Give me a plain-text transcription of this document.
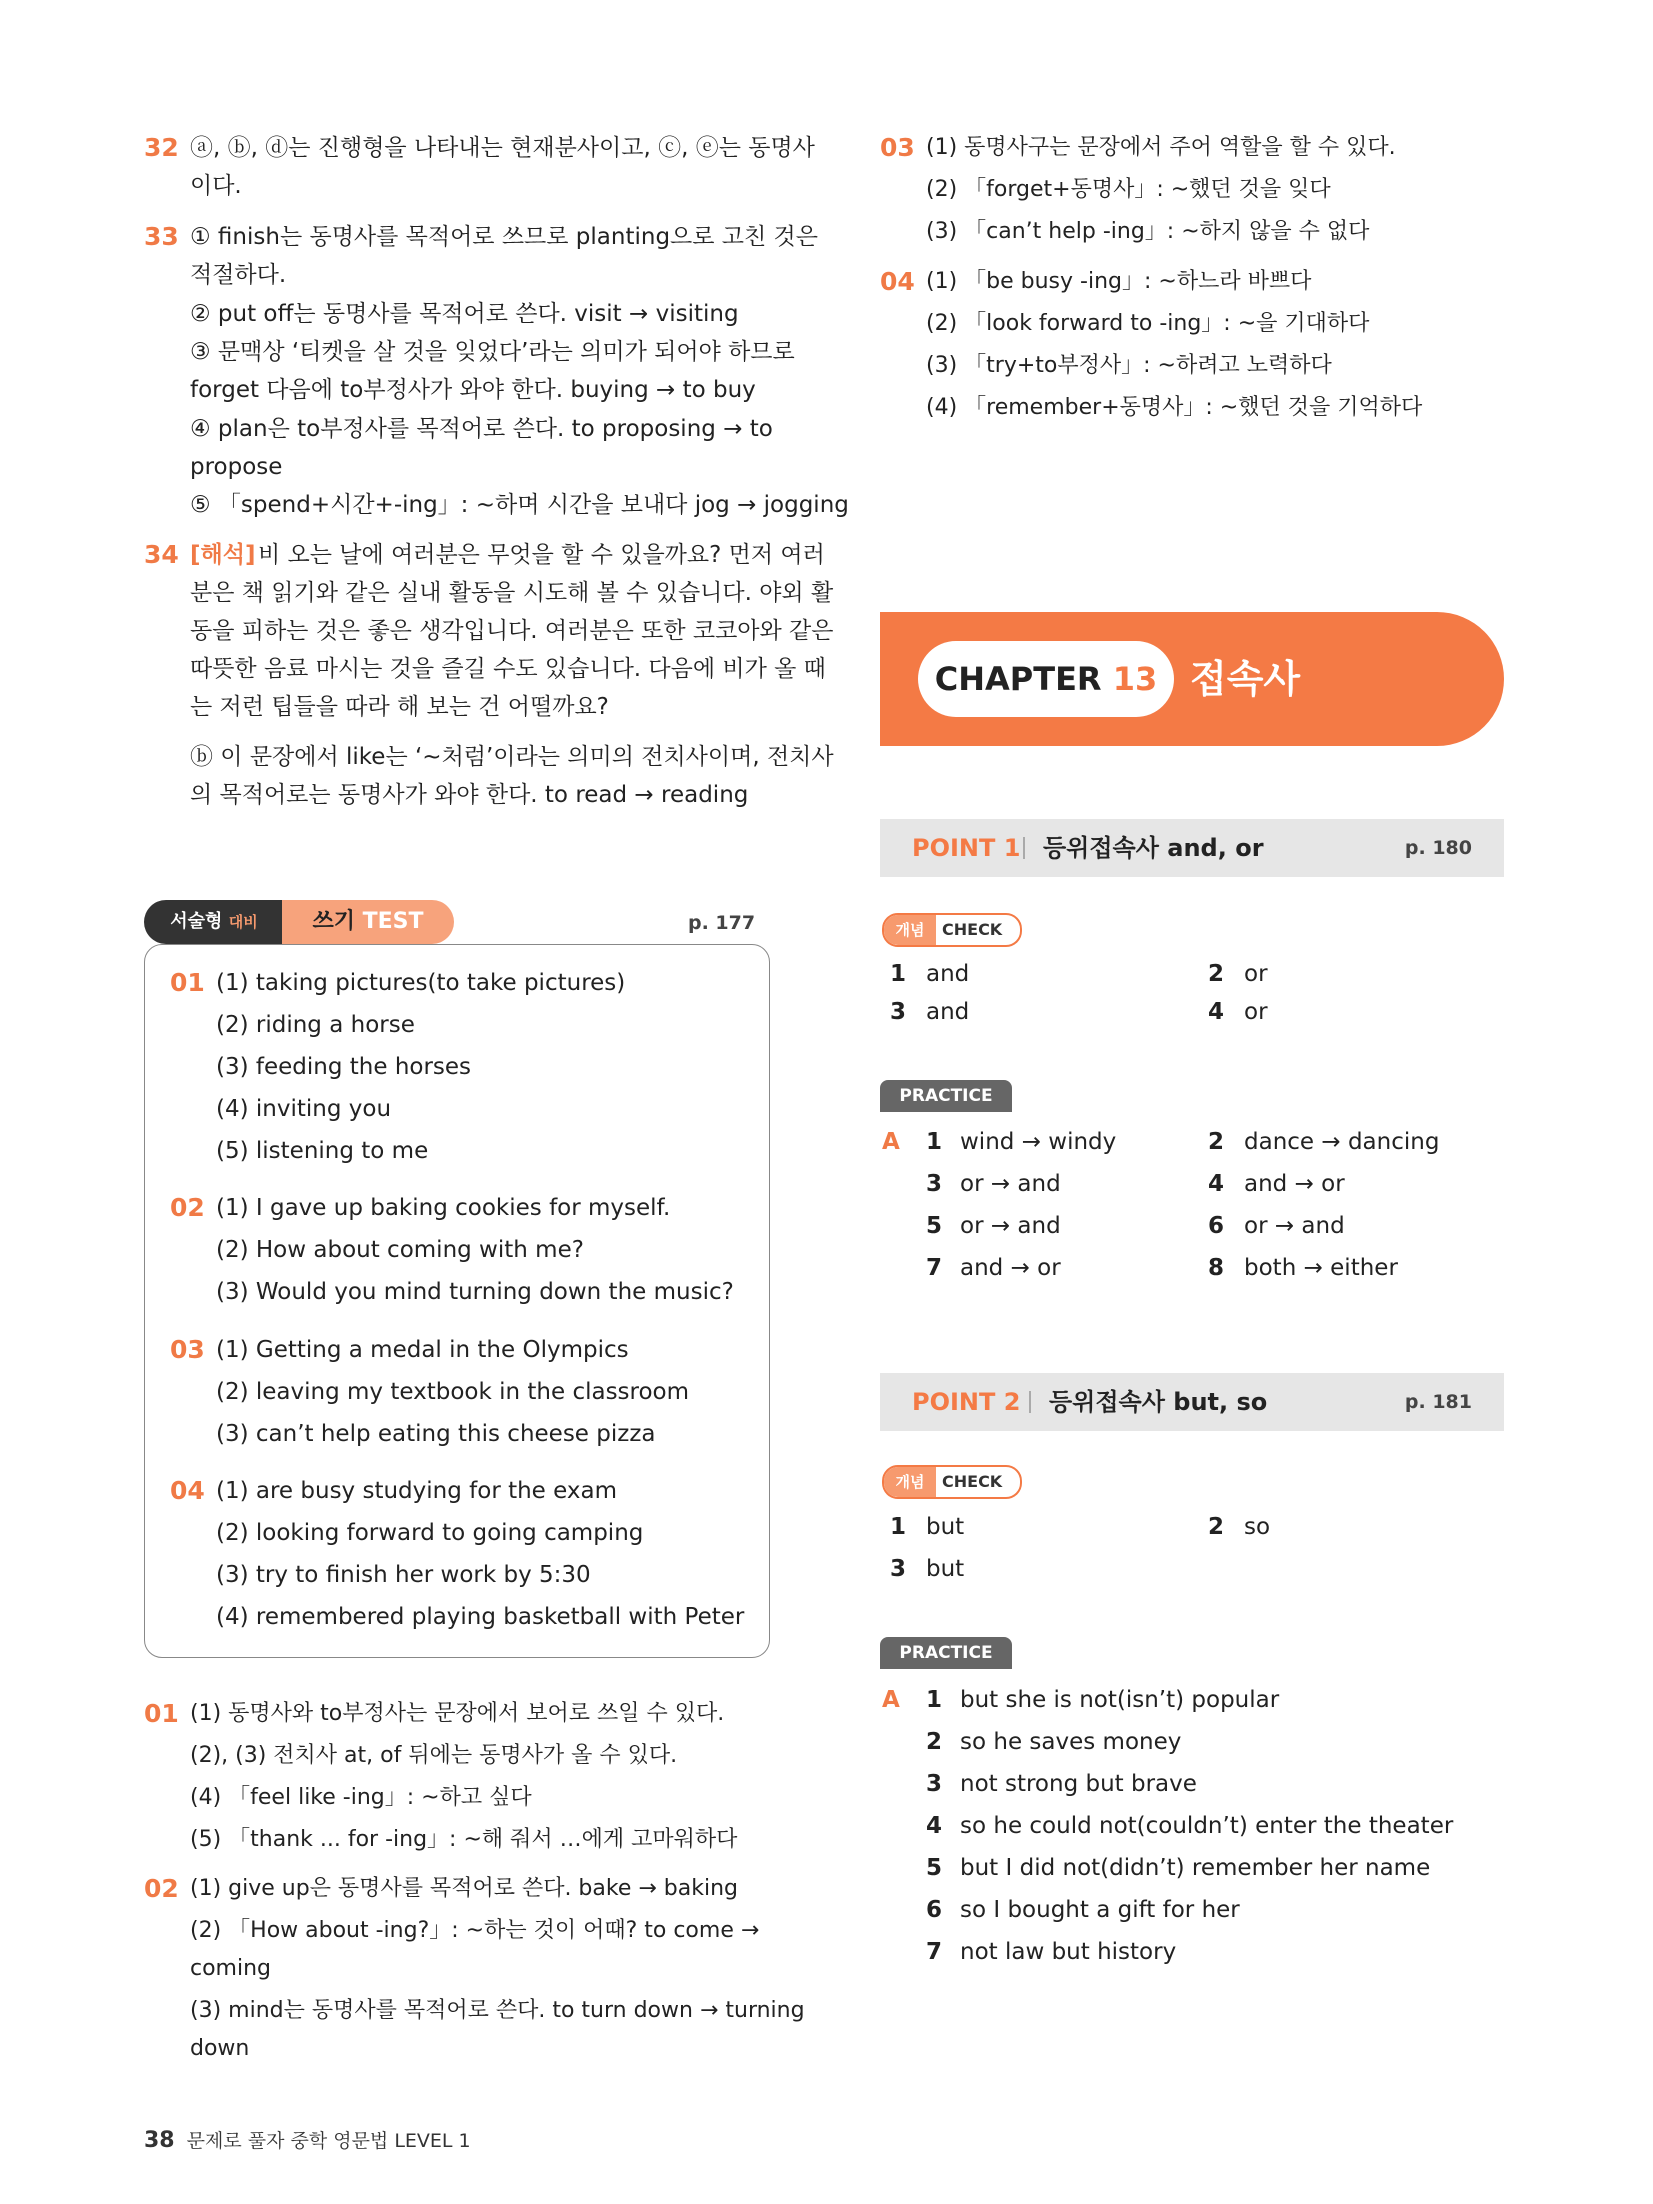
32 ⓐ, ⓑ, ⓓ는 진행형을 나타내는 현재분사이고, ⓒ, ⓔ는 동명사
이다.
33 ① finish는 동명사를 목적어로 쓰므로 planting으로 고친 것은
적절하다.
② put off는 동명사를 목적어로 쓴다. visit → visiting
③ 문맥상 ‘티켓을 살 것을 잊었다’라는 의미가 되어야 하므로
forget 다음에 to부정사가 와야 한다. buying → to buy
④ plan은 to부정사를 목적어로 쓴다. to proposing → to
propose
⑤ 「spend+시간+-ing」: ~하며 시간을 보내다 jog → jogging
34 [해석] 비 오는 날에 여러분은 무엇을 할 수 있을까요? 먼저 여러
분은 책 읽기와 같은 실내 활동을 시도해 볼 수 있습니다. 야외 활
동을 피하는 것은 좋은 생각입니다. 여러분은 또한 코코아와 같은
따뜻한 음료 마시는 것을 즐길 수도 있습니다. 다음에 비가 올 때
는 저런 팁들을 따라 해 보는 건 어떨까요?
ⓑ 이 문장에서 like는 ‘~처럼’이라는 의미의 전치사이며, 전치사
의 목적어로는 동명사가 와야 한다. to read → reading
서술형 대비	쓰기 TEST	p. 177
01 (1) taking pictures(to take pictures)
(2) riding a horse
(3) feeding the horses
(4) inviting you
(5) listening to me
02 (1) I gave up baking cookies for myself.
(2) How about coming with me?
(3) Would you mind turning down the music?
03 (1) Getting a medal in the Olympics
(2) leaving my textbook in the classroom
(3) can’t help eating this cheese pizza
04 (1) are busy studying for the exam
(2) looking forward to going camping
(3) try to finish her work by 5:30
(4) remembered playing basketball with Peter
01 (1) 동명사와 to부정사는 문장에서 보어로 쓰일 수 있다.
(2), (3) 전치사 at, of 뒤에는 동명사가 올 수 있다.
(4) 「feel like -ing」: ~하고 싶다
(5) 「thank ... for -ing」: ~해 줘서 …에게 고마워하다
02 (1) give up은 동명사를 목적어로 쓴다. bake → baking
(2) 「How about -ing?」: ~하는 것이 어때? to come →
coming
(3) mind는 동명사를 목적어로 쓴다. to turn down → turning
down
03 (1) 동명사구는 문장에서 주어 역할을 할 수 있다.
(2) 「forget+동명사」: ~했던 것을 잊다
(3) 「can’t help -ing」: ~하지 않을 수 없다
04 (1) 「be busy -ing」: ~하느라 바쁘다
(2) 「look forward to -ing」: ~을 기대하다
(3) 「try+to부정사」: ~하려고 노력하다
(4) 「remember+동명사」: ~했던 것을 기억하다
CHAPTER 13 접속사
POINT 1 등위접속사 and, or	p. 180
개념	CHECK
1 and	2 or
3 and	4 or
PRACTICE
A 1 wind → windy	2 dance → dancing
3 or → and	4 and → or
5 or → and	6 or → and
7 and → or	8 both → either
POINT 2 등위접속사 but, so	p. 181
개념	CHECK
1 but	2 so
3 but
PRACTICE
A 1 but she is not(isn’t) popular
2 so he saves money
3 not strong but brave
4 so he could not(couldn’t) enter the theater
5 but I did not(didn’t) remember her name
6 so I bought a gift for her
7 not law but history
38 문제로 풀자 중학 영문법 LEVEL 1
